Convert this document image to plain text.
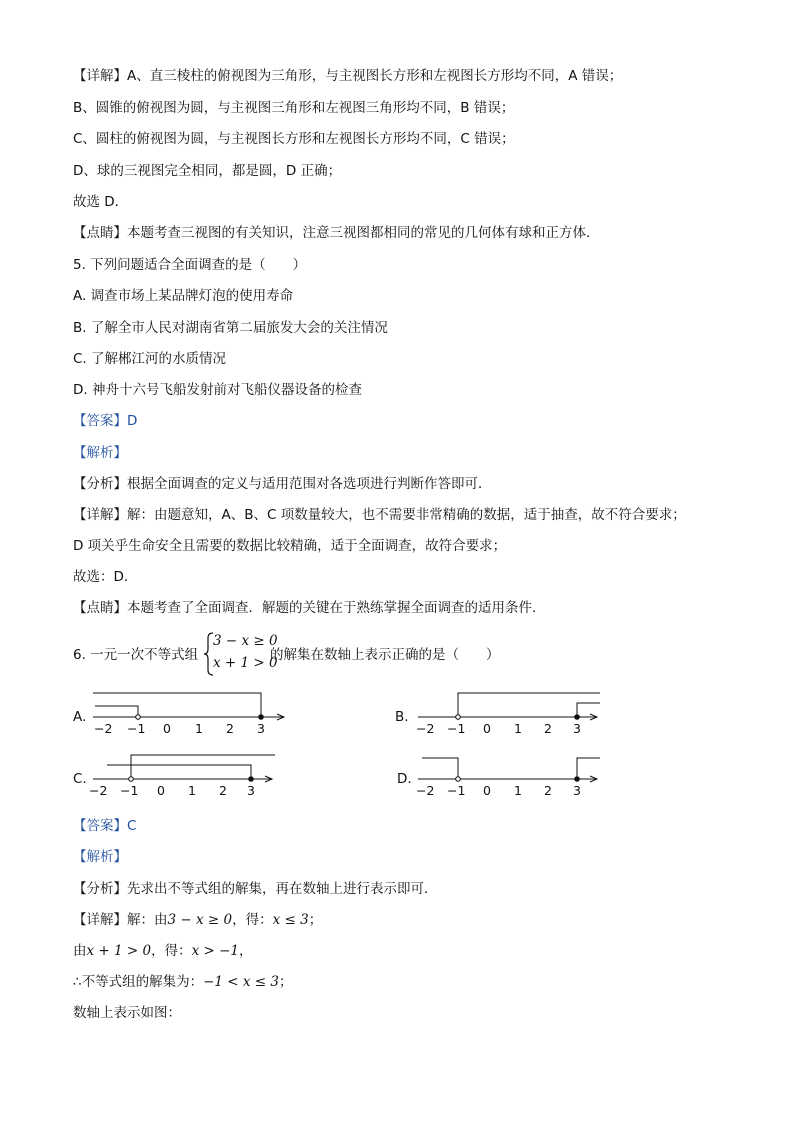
【详解】A、直三棱柱的俯视图为三角形，与主视图长方形和左视图长方形均不同，A 错误；
B、圆锥的俯视图为圆，与主视图三角形和左视图三角形均不同，B 错误；
C、圆柱的俯视图为圆，与主视图长方形和左视图长方形均不同，C 错误；
D、球的三视图完全相同，都是圆，D 正确；
故选 D．
【点睛】本题考查三视图的有关知识，注意三视图都相同的常见的几何体有球和正方体．
5. 下列问题适合全面调查的是（　　）
A. 调查市场上某品牌灯泡的使用寿命
B. 了解全市人民对湖南省第二届旅发大会的关注情况
C. 了解郴江河的水质情况
D. 神舟十六号飞船发射前对飞船仪器设备的检查
【答案】D
【解析】
【分析】根据全面调查的定义与适用范围对各选项进行判断作答即可．
【详解】解：由题意知，A、B、C 项数量较大，也不需要非常精确的数据，适于抽查，故不符合要求；
D 项关乎生命安全且需要的数据比较精确，适于全面调查，故符合要求；
故选：D．
【点睛】本题考查了全面调查．解题的关键在于熟练掌握全面调查的适用条件．
6. 一元一次不等式组
3 − x ≥ 0
x + 1 > 0
的解集在数轴上表示正确的是（　　）
A.	B.
C.	D.
−2 −1 0 1 2 3	−2 −1 0 1 2 3
−2 −1 0 1 2 3	−2 −1 0 1 2 3
【答案】C
【解析】
【分析】先求出不等式组的解集，再在数轴上进行表示即可．
【详解】解：由3 − x ≥ 0，得：x ≤ 3；
由x + 1 > 0，得：x > −1，
∴不等式组的解集为：−1 < x ≤ 3；
数轴上表示如图：
